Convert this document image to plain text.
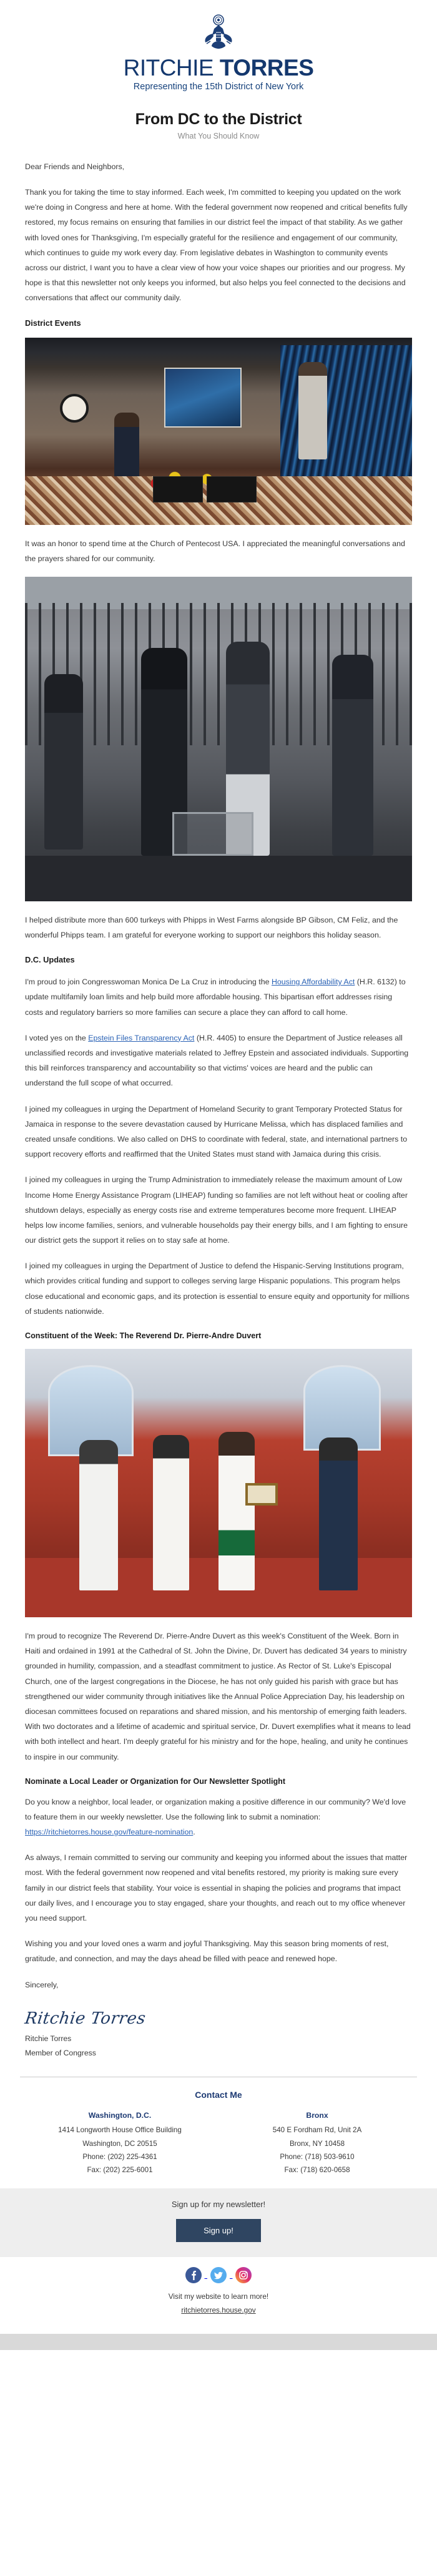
RITCHIE TORRES
Representing the 15th District of New York
From DC to the District
What You Should Know

Dear Friends and Neighbors,

Thank you for taking the time to stay informed. Each week, I'm committed to keeping you updated on the work we're doing in Congress and here at home. With the federal government now reopened and critical benefits fully restored, my focus remains on ensuring that families in our district feel the impact of that stability. As we gather with loved ones for Thanksgiving, I'm especially grateful for the resilience and engagement of our community, which continues to guide my work every day. From legislative debates in Washington to community events across our district, I want you to have a clear view of how your voice shapes our priorities and our progress. My hope is that this newsletter not only keeps you informed, but also helps you feel connected to the decisions and conversations that affect our community daily.

District Events

It was an honor to spend time at the Church of Pentecost USA. I appreciated the meaningful conversations and the prayers shared for our community.

I helped distribute more than 600 turkeys with Phipps in West Farms alongside BP Gibson, CM Feliz, and the wonderful Phipps team. I am grateful for everyone working to support our neighbors this holiday season.

D.C. Updates

I'm proud to join Congresswoman Monica De La Cruz in introducing the Housing Affordability Act (H.R. 6132) to update multifamily loan limits and help build more affordable housing. This bipartisan effort addresses rising costs and regulatory barriers so more families can secure a place they can afford to call home.

I voted yes on the Epstein Files Transparency Act (H.R. 4405) to ensure the Department of Justice releases all unclassified records and investigative materials related to Jeffrey Epstein and associated individuals. Supporting this bill reinforces transparency and accountability so that victims' voices are heard and the public can understand the full scope of what occurred.

I joined my colleagues in urging the Department of Homeland Security to grant Temporary Protected Status for Jamaica in response to the severe devastation caused by Hurricane Melissa, which has displaced families and created unsafe conditions. We also called on DHS to coordinate with federal, state, and international partners to support recovery efforts and reaffirmed that the United States must stand with Jamaica during this crisis.

I joined my colleagues in urging the Trump Administration to immediately release the maximum amount of Low Income Home Energy Assistance Program (LIHEAP) funding so families are not left without heat or cooling after shutdown delays, especially as energy costs rise and extreme temperatures become more frequent. LIHEAP helps low income families, seniors, and vulnerable households pay their energy bills, and I am fighting to ensure our district gets the support it relies on to stay safe at home.

I joined my colleagues in urging the Department of Justice to defend the Hispanic-Serving Institutions program, which provides critical funding and support to colleges serving large Hispanic populations. This program helps close educational and economic gaps, and its protection is essential to ensure equity and opportunity for millions of students nationwide.

Constituent of the Week: The Reverend Dr. Pierre-Andre Duvert

I'm proud to recognize The Reverend Dr. Pierre-Andre Duvert as this week's Constituent of the Week. Born in Haiti and ordained in 1991 at the Cathedral of St. John the Divine, Dr. Duvert has dedicated 34 years to ministry grounded in humility, compassion, and a steadfast commitment to justice. As Rector of St. Luke's Episcopal Church, one of the largest congregations in the Diocese, he has not only guided his parish with grace but has strengthened our wider community through initiatives like the Annual Police Appreciation Day, his leadership on diocesan committees focused on reparations and shared mission, and his mentorship of emerging faith leaders. With two doctorates and a lifetime of academic and spiritual service, Dr. Duvert exemplifies what it means to lead with both intellect and heart. I'm deeply grateful for his ministry and for the hope, healing, and unity he continues to inspire in our community.

Nominate a Local Leader or Organization for Our Newsletter Spotlight

Do you know a neighbor, local leader, or organization making a positive difference in our community? We'd love to feature them in our weekly newsletter. Use the following link to submit a nomination: https://ritchietorres.house.gov/feature-nomination.

As always, I remain committed to serving our community and keeping you informed about the issues that matter most. With the federal government now reopened and vital benefits restored, my priority is making sure every family in our district feels that stability. Your voice is essential in shaping the policies and programs that impact our daily lives, and I encourage you to stay engaged, share your thoughts, and reach out to my office whenever you need support.

Wishing you and your loved ones a warm and joyful Thanksgiving. May this season bring moments of rest, gratitude, and connection, and may the days ahead be filled with peace and renewed hope.

Sincerely,

Ritchie Torres
Ritchie Torres
Member of Congress
Contact Me
Washington, D.C.

1414 Longworth House Office Building

Washington, DC 20515

Phone: (202) 225-4361

Fax: (202) 225-6001

Bronx

540 E Fordham Rd, Unit 2A

Bronx, NY 10458

Phone: (718) 503-9610

Fax: (718) 620-0658

Sign up for my newsletter!
Sign up!

Visit my website to learn more!
ritchietorres.house.gov
